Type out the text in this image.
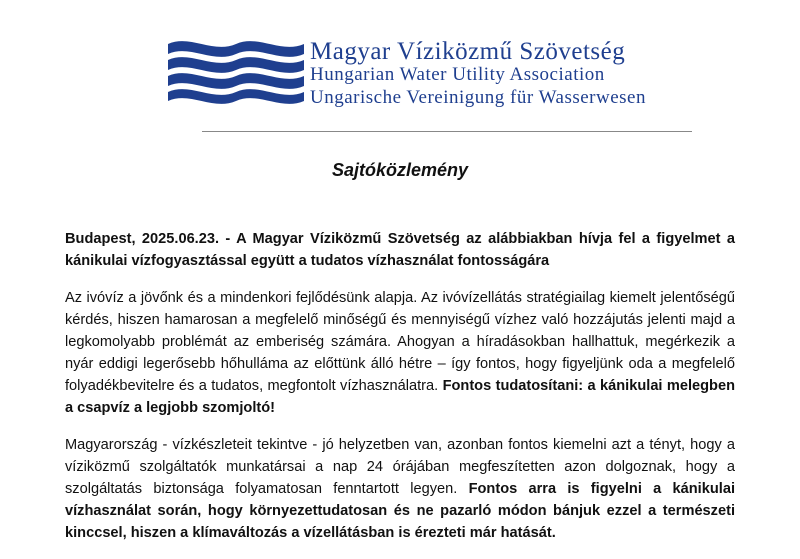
Magyar Víziközmű Szövetség
Hungarian Water Utility Association
Ungarische Vereinigung für Wasserwesen
Sajtóközlemény

Budapest, 2025.06.23. - A Magyar Víziközmű Szövetség az alábbiakban hívja fel a figyelmet a kánikulai vízfogyasztással együtt a tudatos vízhasználat fontosságára

Az ivóvíz a jövőnk és a mindenkori fejlődésünk alapja. Az ivóvízellátás stratégiailag kiemelt jelentőségű kérdés, hiszen hamarosan a megfelelő minőségű és mennyiségű vízhez való hozzájutás jelenti majd a legkomolyabb problémát az emberiség számára. Ahogyan a híradásokban hallhattuk, megérkezik a nyár eddigi legerősebb hőhulláma az előttünk álló hétre – így fontos, hogy figyeljünk oda a megfelelő folyadékbevitelre és a tudatos, megfontolt vízhasználatra. Fontos tudatosítani: a kánikulai melegben a csapvíz a legjobb szomjoltó!

Magyarország - vízkészleteit tekintve - jó helyzetben van, azonban fontos kiemelni azt a tényt, hogy a víziközmű szolgáltatók munkatársai a nap 24 órájában megfeszítetten azon dolgoznak, hogy a szolgáltatás biztonsága folyamatosan fenntartott legyen. Fontos arra is figyelni a kánikulai vízhasználat során, hogy környezettudatosan és ne pazarló módon bánjuk ezzel a természeti kinccsel, hiszen a klímaváltozás a vízellátásban is érezteti már hatását.
